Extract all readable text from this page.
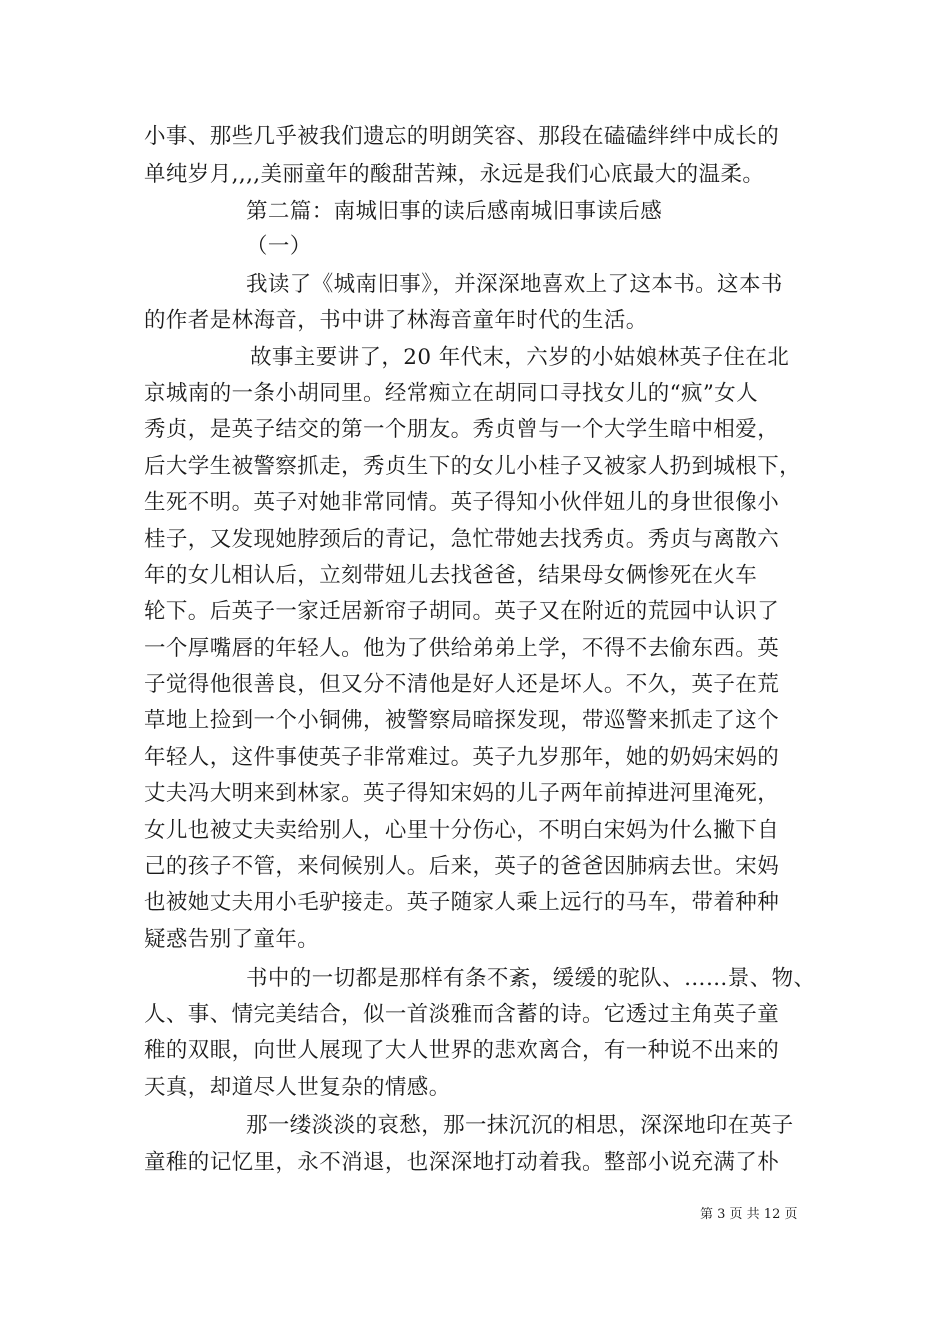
小事、那些几乎被我们遗忘的明朗笑容、那段在磕磕绊绊中成长的
单纯岁月,,,,美丽童年的酸甜苦辣，永远是我们心底最大的温柔。
第二篇：南城旧事的读后感南城旧事读后感
（一）
我读了《城南旧事》，并深深地喜欢上了这本书。这本书
的作者是林海音，书中讲了林海音童年时代的生活。
故事主要讲了，20 年代末，六岁的小姑娘林英子住在北
京城南的一条小胡同里。经常痴立在胡同口寻找女儿的“疯”女人
秀贞，是英子结交的第一个朋友。秀贞曾与一个大学生暗中相爱，
后大学生被警察抓走，秀贞生下的女儿小桂子又被家人扔到城根下，
生死不明。英子对她非常同情。英子得知小伙伴妞儿的身世很像小
桂子，又发现她脖颈后的青记，急忙带她去找秀贞。秀贞与离散六
年的女儿相认后，立刻带妞儿去找爸爸，结果母女俩惨死在火车
轮下。后英子一家迁居新帘子胡同。英子又在附近的荒园中认识了
一个厚嘴唇的年轻人。他为了供给弟弟上学，不得不去偷东西。英
子觉得他很善良，但又分不清他是好人还是坏人。不久，英子在荒
草地上捡到一个小铜佛，被警察局暗探发现，带巡警来抓走了这个
年轻人，这件事使英子非常难过。英子九岁那年，她的奶妈宋妈的
丈夫冯大明来到林家。英子得知宋妈的儿子两年前掉进河里淹死，
女儿也被丈夫卖给别人，心里十分伤心，不明白宋妈为什么撇下自
己的孩子不管，来伺候别人。后来，英子的爸爸因肺病去世。宋妈
也被她丈夫用小毛驴接走。英子随家人乘上远行的马车，带着种种
疑惑告别了童年。
书中的一切都是那样有条不紊，缓缓的驼队、……景、物、
人、事、情完美结合，似一首淡雅而含蓄的诗。它透过主角英子童
稚的双眼，向世人展现了大人世界的悲欢离合，有一种说不出来的
天真，却道尽人世复杂的情感。
那一缕淡淡的哀愁，那一抹沉沉的相思，深深地印在英子
童稚的记忆里，永不消退，也深深地打动着我。整部小说充满了朴
第 3 页 共 12 页
